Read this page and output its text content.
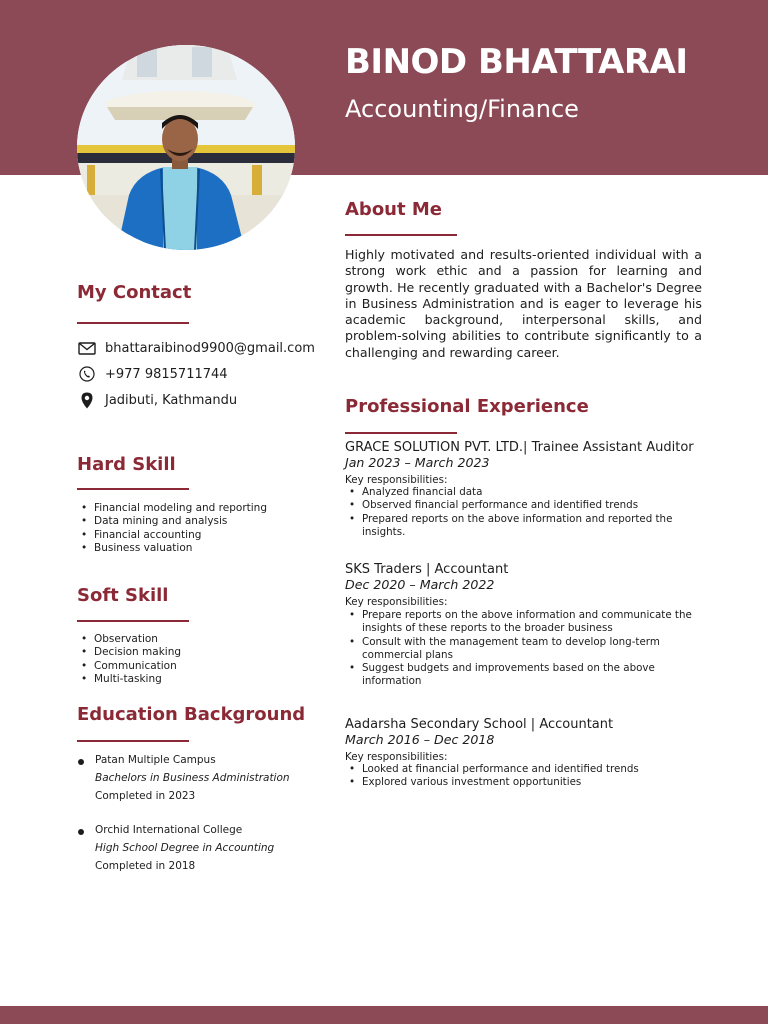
BINOD BHATTARAI
Accounting/Finance
My Contact
bhattaraibinod9900@gmail.com
+977 9815711744
Jadibuti, Kathmandu
Hard Skill
• Financial modeling and reporting
• Data mining and analysis
• Financial accounting
• Business valuation
Soft Skill
• Observation
• Decision making
• Communication
• Multi-tasking
Education Background
Patan Multiple Campus
Bachelors in Business Administration
Completed in 2023
Orchid International College
High School Degree in Accounting
Completed in 2018
About Me
Highly motivated and results-oriented individual with a strong work ethic and a passion for learning and growth. He recently graduated with a Bachelor's Degree in Business Administration and is eager to leverage his academic background, interpersonal skills, and problem-solving abilities to contribute significantly to a challenging and rewarding career.
Professional Experience
GRACE SOLUTION PVT. LTD.| Trainee Assistant Auditor
Jan 2023 – March 2023
Key responsibilities:
• Analyzed financial data
• Observed financial performance and identified trends
• Prepared reports on the above information and reported the insights.
SKS Traders | Accountant
Dec 2020 – March 2022
Key responsibilities:
• Prepare reports on the above information and communicate the insights of these reports to the broader business
• Consult with the management team to develop long-term commercial plans
• Suggest budgets and improvements based on the above information
Aadarsha Secondary School | Accountant
March 2016 – Dec 2018
Key responsibilities:
• Looked at financial performance and identified trends
• Explored various investment opportunities
